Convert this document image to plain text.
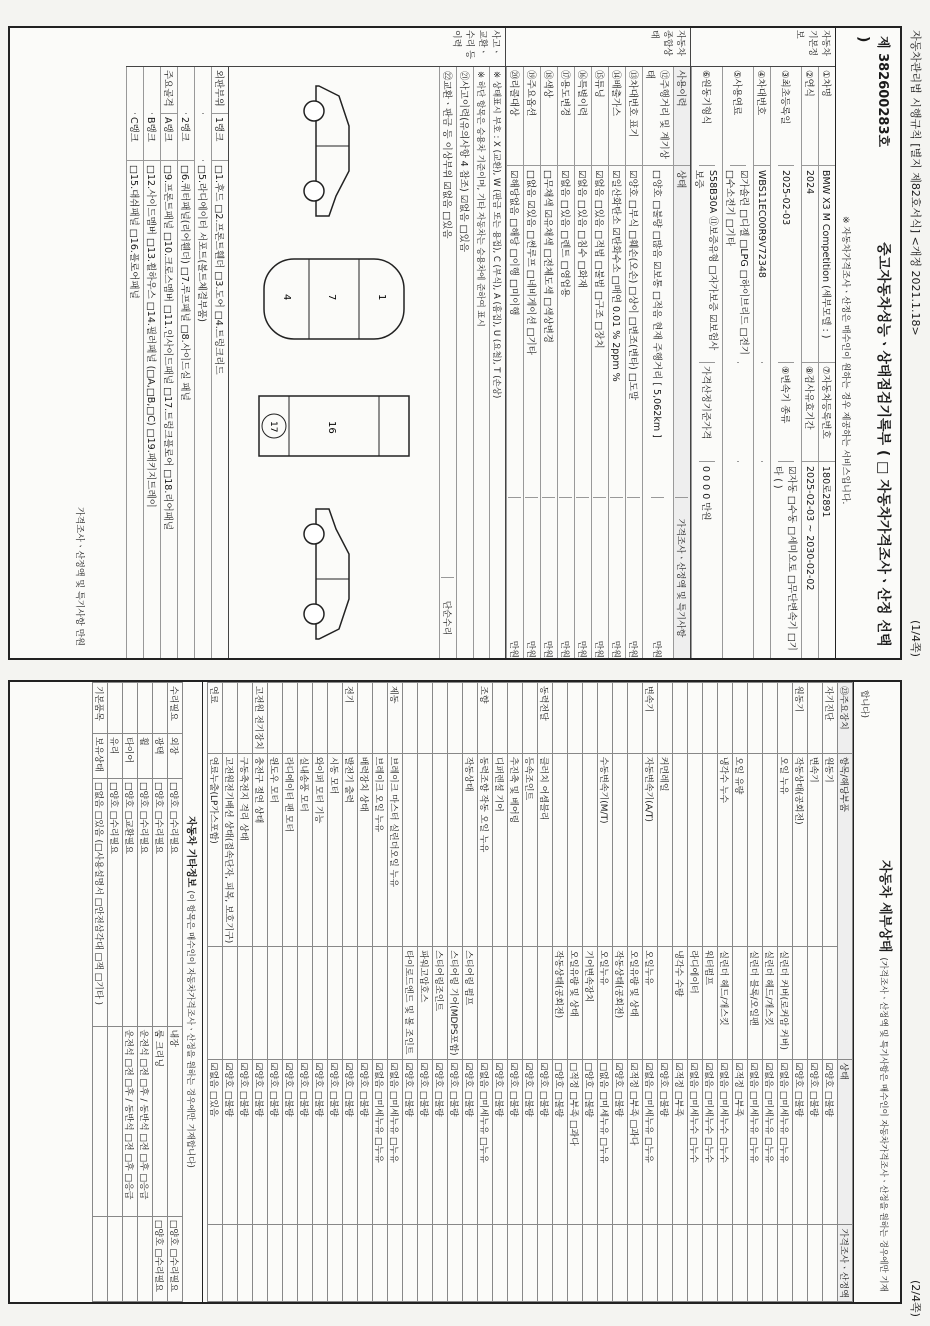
자동차관리법 시행규칙 [별지 제82호서식] <개정 2021.1.18>
(1/4쪽)
제 382600283호 중고자동차성능ㆍ상태점검기록부 ( □ 자동차가격조사ㆍ산정 선택 )
※ 자동차가격조사ㆍ산정은 매수인이 원하는 경우 제공하는 서비스입니다.
자동차기본정보
①차명
BMW X3 M Competition (세부모델 : )
⑦자동차등록번호
180로2891
②연식
2024
⑧검사유효기간
2025-02-03 ~ 2030-02-02
③최초등록일
2025-02-03
⑨변속기 종류
☑자동 □수동 □세미오토 □무단변속기 □기타 ( )
④차대번호
WBS11EC00R9V72348
⑤사용연료
☑가솔린 □디젤 □LPG □하이브리드 □전기 □수소전기 □기타
⑥원동기형식
S58B30A ⑪보증유형 □자가보증 ☑보험사보증
가격산정기준가격
0 0 0 0 만원
자동차 종합상태
사용이력
상태
가격조사ㆍ산정액 및 특기사항
⑫주행거리 및 계기상태
□양호 □불량 □많음 ☑보통 □적음 현재 주행거리 [ 5,062km ]
만원
⑬차대번호 표기
☑양호 □부식 □훼손(오손) □상이 □변조(변타) □도말
만원
⑭배출가스
☑일산화탄소 ☑탄화수소 □매연 0.01 % 2ppm %
만원
⑮튜닝
☑없음 □있음 □적법 □불법 □구조 □장치
만원
⑯특별이력
☑없음 □있음 □침수 □화재
만원
⑰용도변경
☑없음 □있음 □렌트 □영업용
만원
⑱색상
□무채색 ☑유채색 □전체도색 □색상변경
만원
⑲주요옵션
□없음 ☑있음 □썬루프 □네비게이션 □기타
만원
⑳리콜대상
☑해당없음 □해당 □이행 □미이행
만원
사고ㆍ교환ㆍ수리 등 이력
※ 상태표시 부호 : X (교환), W (판금 또는 용접), C (부식), A (흠집), U (요철), T (손상)
※ 하단 항목은 승용차 기준이며, 기타 자동차는 승용차에 준하여 표시
㉑사고이력(유의사항 4 참조) ☑없음 □있음
㉒교환ㆍ판금 등 이상부위 ☑없음 □있음
단순수리
1
7
4
16
17
외판부위
1랭크
□1.후드 □2.프론트휀더 □3.도어 □4.트렁크리드
□5.라디에이터 서포트(볼트체결부품)
2랭크
□6.쿼터패널(리어휀더) □7.루프패널 □8.사이드실 패널
주요골격
A랭크
□9.프론트패널 □10.크로스멤버 □11.인사이드패널 □17.트렁크플로어 □18.리어패널
B랭크
□12.사이드멤버 □13.휠하우스 □14.필러패널 (□A,□B,□C) □19.패키지트레이
C랭크
□15.대쉬패널 □16.플로어패널
가격조사ㆍ산정액 및 특기사항 만원
(2/4쪽)
자동차 세부상태 (가격조사ㆍ산정액 및 특기사항은 매수인이 자동차가격조사ㆍ산정을 원하는 경우에만 기재합니다)
㉓주요장치	항목/해당부품		상태	가격조사ㆍ산정액
자기진단	원동기		☑양호 □불량	
	변속기		☑양호 □불량	
원동기	작동상태(공회전)		☑양호 □불량	
	오일 누유	실린더 커버(로커암 커버)	☑없음 □미세누유 □누유	
		실린더 헤드/개스킷	☑없음 □미세누유 □누유	
		실린더 블록/오일팬	☑없음 □미세누유 □누유	
	오일 유량		☑적정 □부족	
	냉각수 누수	실린더 헤드/개스킷	☑없음 □미세누수 □누수	
		워터펌프	☑없음 □미세누수 □누수	
		라디에이터	☑없음 □미세누수 □누수	
		냉각수 수량	☑적정 □부족	
	커먼레일		☑양호 □불량	
변속기	자동변속기(A/T)	오일누유	☑없음 □미세누유 □누유	
		오일유량 및 상태	☑적정 □부족 □과다	
		작동상태(공회전)	☑양호 □불량	
	수동변속기(M/T)	오일누유	□없음 □미세누유 □누유	
		기어변속장치	□양호 □불량	
		오일유량 및 상태	□적정 □부족 □과다	
		작동상태(공회전)	□양호 □불량	
동력전달	클러치 어셈블리		☑양호 □불량	
	등속조인트		☑양호 □불량	
	추진축 및 베어링		☑양호 □불량	
	디퍼렌셜 기어		☑양호 □불량	
조향	동력조향 작동 오일 누유		☑없음 □미세누유 □누유	
	작동상태	스티어링 펌프	☑양호 □불량	
		스티어링 기어(MDPS포함)	☑양호 □불량	
		스티어링조인트	☑양호 □불량	
		파워고압호스	☑양호 □불량	
		타이로드엔드 및 볼 조인트	☑양호 □불량	
제동	브레이크 마스터 실린더오일 누유		☑없음 □미세누유 □누유	
	브레이크 오일 누유		☑없음 □미세누유 □누유	
	배력장치 상태		☑양호 □불량	
전기	발전기 출력		☑양호 □불량	
	시동 모터		☑양호 □불량	
	와이퍼 모터 기능		☑양호 □불량	
	실내송풍 모터		☑양호 □불량	
	라디에이터 팬 모터		☑양호 □불량	
	윈도우 모터		☑양호 □불량	
고전원 전기장치	충전구 절연 상태		☑양호 □불량	
	구동축전지 격리 상태		☑양호 □불량	
	고전원전기배선 상태(접속단자, 피복, 보호기구)		☑양호 □불량	
연료	연료누출(LP가스포함)		☑없음 □있음	
자동차 기타정보 (이 항목은 매수인이 자동차가격조사ㆍ산정을 원하는 경우에만 기재합니다)
수리필요	외장	□양호 □수리필요	내장	□양호 □수리필요
	광택	□양호 □수리필요	룸 크리닝	□양호 □수리필요
	휠	□양호 □수리필요	운전석 □전 □후 / 동반석 □전 □후 □응급	
	타이어	□양호 □교환필요	운전석 □전 □후 / 동반석 □전 □후 □응급	
	유리	□양호 □수리필요		
기본품목	보유상태	□없음 □있음 (□사용설명서 □안전삼각대 □잭 □기타 )		
